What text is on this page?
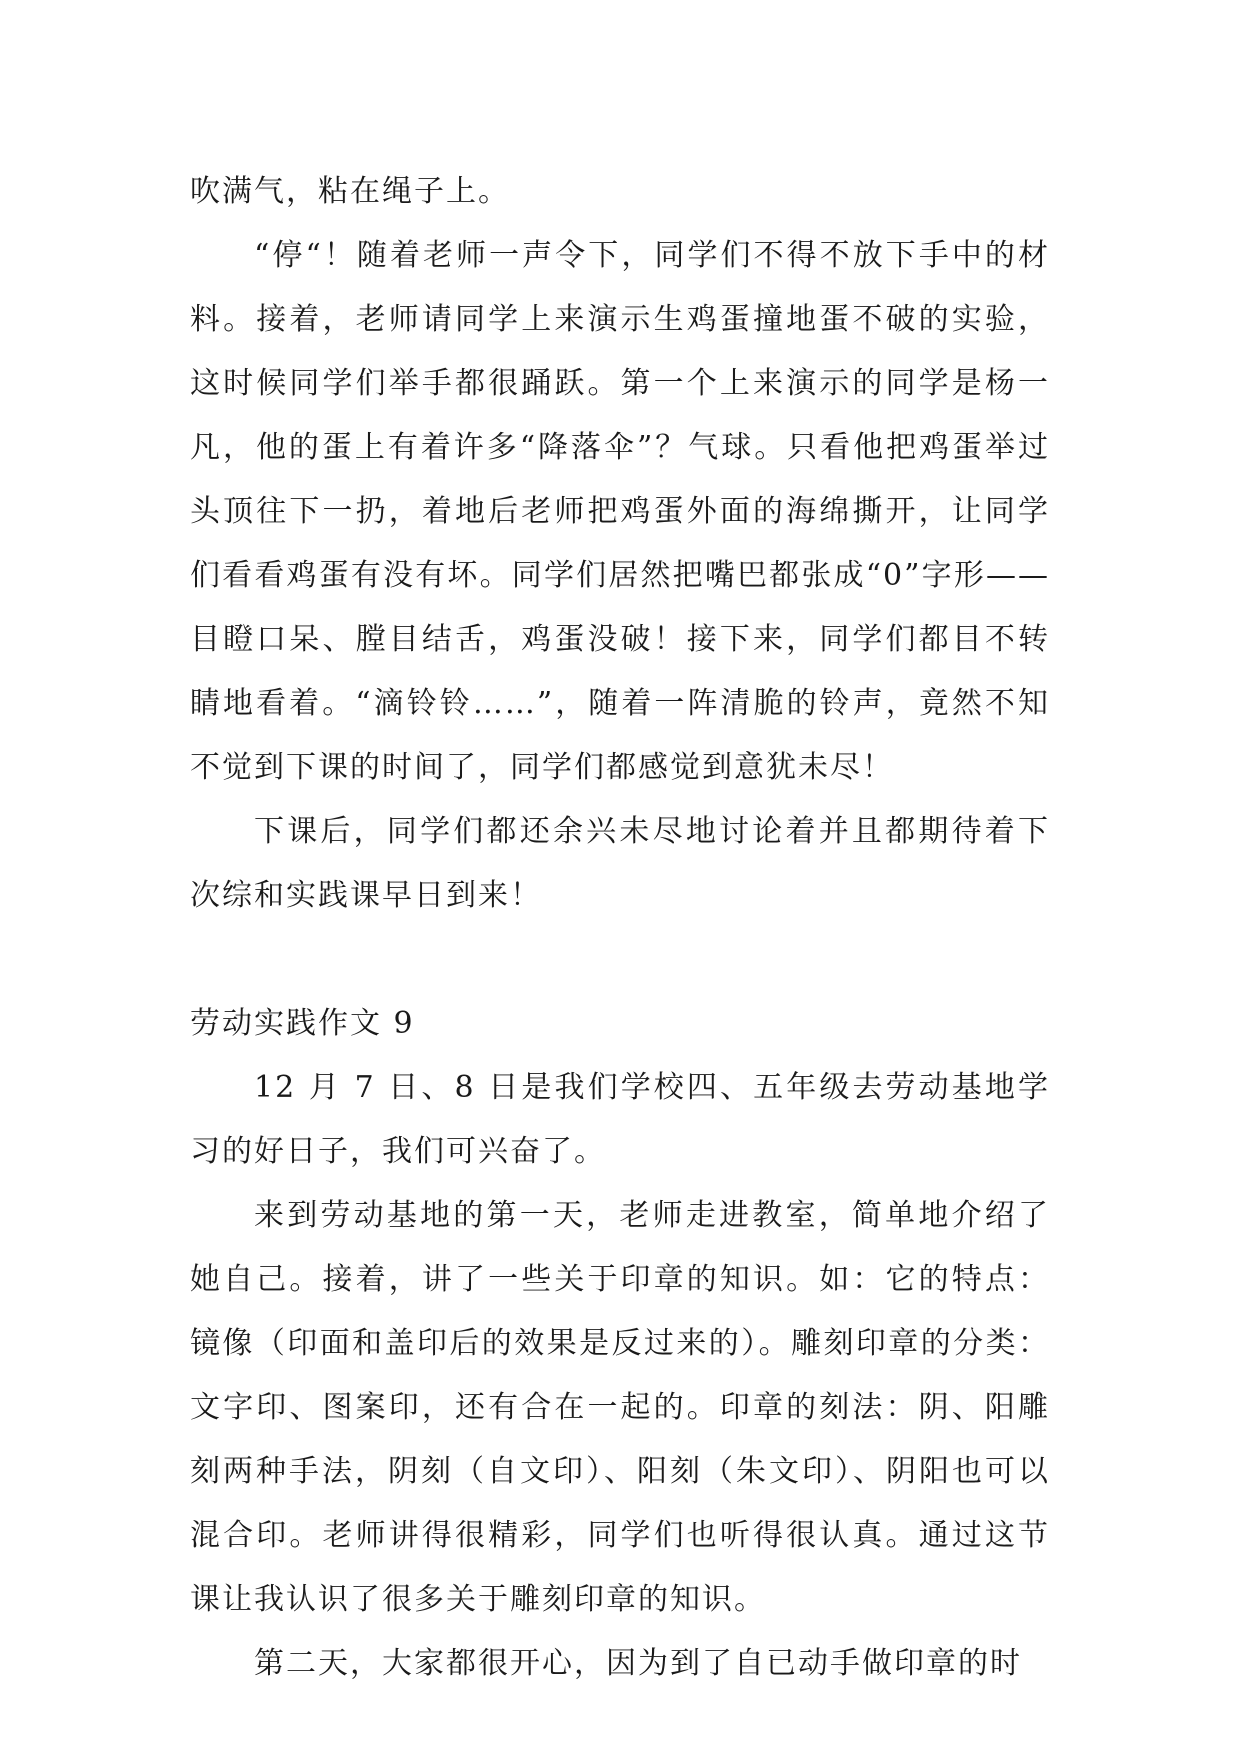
吹满气，粘在绳子上。

“停“！随着老师一声令下，同学们不得不放下手中的材料。接着，老师请同学上来演示生鸡蛋撞地蛋不破的实验，这时候同学们举手都很踊跃。第一个上来演示的同学是杨一凡，他的蛋上有着许多“降落伞”？气球。只看他把鸡蛋举过头顶往下一扔，着地后老师把鸡蛋外面的海绵撕开，让同学们看看鸡蛋有没有坏。同学们居然把嘴巴都张成“0”字形——目瞪口呆、膛目结舌，鸡蛋没破！接下来，同学们都目不转睛地看着。“滴铃铃……”，随着一阵清脆的铃声，竟然不知不觉到下课的时间了，同学们都感觉到意犹未尽！

下课后，同学们都还余兴未尽地讨论着并且都期待着下次综和实践课早日到来！

劳动实践作文 9

12 月 7 日、8 日是我们学校四、五年级去劳动基地学习的好日子，我们可兴奋了。

来到劳动基地的第一天，老师走进教室，简单地介绍了她自己。接着，讲了一些关于印章的知识。如：它的特点：镜像（印面和盖印后的效果是反过来的）。雕刻印章的分类：文字印、图案印，还有合在一起的。印章的刻法：阴、阳雕刻两种手法，阴刻（自文印）、阳刻（朱文印）、阴阳也可以混合印。老师讲得很精彩，同学们也听得很认真。通过这节课让我认识了很多关于雕刻印章的知识。

第二天，大家都很开心，因为到了自已动手做印章的时
